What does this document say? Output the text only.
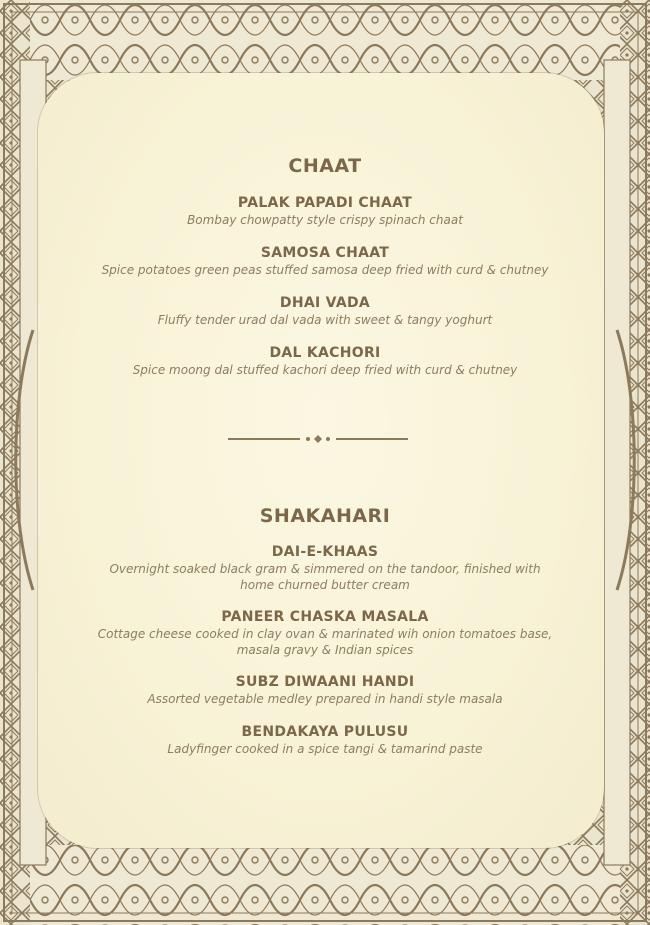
CHAAT
PALAK PAPADI CHAAT
Bombay chowpatty style crispy spinach chaat
SAMOSA CHAAT
Spice potatoes green peas stuffed samosa deep fried with curd & chutney
DHAI VADA
Fluffy tender urad dal vada with sweet & tangy yoghurt
DAL KACHORI
Spice moong dal stuffed kachori deep fried with curd & chutney
SHAKAHARI
DAI-E-KHAAS
Overnight soaked black gram & simmered on the tandoor, finished with
home churned butter cream
PANEER CHASKA MASALA
Cottage cheese cooked in clay ovan & marinated wih onion tomatoes base,
masala gravy & Indian spices
SUBZ DIWAANI HANDI
Assorted vegetable medley prepared in handi style masala
BENDAKAYA PULUSU
Ladyfinger cooked in a spice tangi & tamarind paste
